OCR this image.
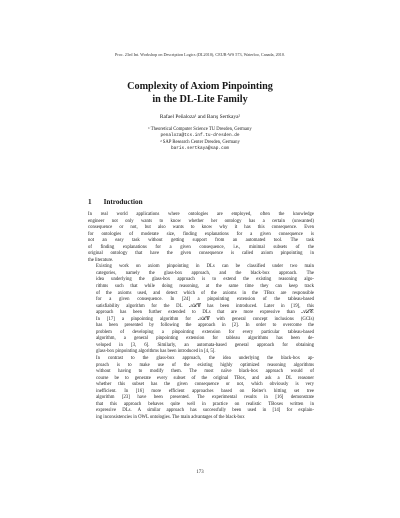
Proc. 23rd Int. Workshop on Description Logics (DL2010), CEUR-WS 573, Waterloo, Canada, 2010.
Complexity of Axiom Pinpointing
in the DL-Lite Family
Rafael Peñaloza¹ and Barış Sertkaya²
¹ Theoretical Computer Science TU Dresden, Germany
penaloza@tcs.inf.tu-dresden.de
² SAP Research Center Dresden, Germany
baris.sertkaya@sap.com
1 Introduction

In real world applications where ontologies are employed, often the knowledge
engineer not only wants to know whether her ontology has a certain (unwanted)
consequence or not, but also wants to know why it has this consequence. Even
for ontologies of moderate size, finding explanations for a given consequence is
not an easy task without getting support from an automated tool. The task
of finding explanations for a given consequence, i.e., minimal subsets of the
original ontology that have the given consequence is called axiom pinpointing in
the literature.

Existing work on axiom pinpointing in DLs can be classified under two main
categories, namely the glass-box approach, and the black-box approach. The
idea underlying the glass-box approach is to extend the existing reasoning algo-
rithms such that while doing reasoning, at the same time they can keep track
of the axioms used, and detect which of the axioms in the TBox are responsible
for a given consequence. In [24] a pinpointing extension of the tableau-based
satisfiability algorithm for the DL 𝒜ℒ𝒞 has been introduced. Later in [19], this
approach has been further extended to DLs that are more expressive than 𝒜ℒ𝒞.
In [17] a pinpointing algorithm for 𝒜ℒ𝒞 with general concept inclusions (GCIs)
has been presented by following the approach in [2]. In order to overcome the
problem of developing a pinpointing extension for every particular tableau-based
algorithm, a general pinpointing extension for tableau algorithms has been de-
veloped in [3, 6]. Similarly, an automata-based general approach for obtaining
glass-box pinpointing algorithms has been introduced in [4, 5].

In contrast to the glass-box approach, the idea underlying the black-box ap-
proach is to make use of the existing highly optimized reasoning algorithms
without having to modify them. The most naïve black-box approach would of
course be to generate every subset of the original TBox, and ask a DL reasoner
whether this subset has the given consequence or not, which obviously is very
inefficient. In [16] more efficient approaches based on Reiter's hitting set tree
algorithm [23] have been presented. The experimental results in [16] demonstrate
that this approach behaves quite well in practice on realistic TBoxes written in
expressive DLs. A similar approach has successfully been used in [14] for explain-
ing inconsistencies in OWL ontologies. The main advantages of the black-box

173
